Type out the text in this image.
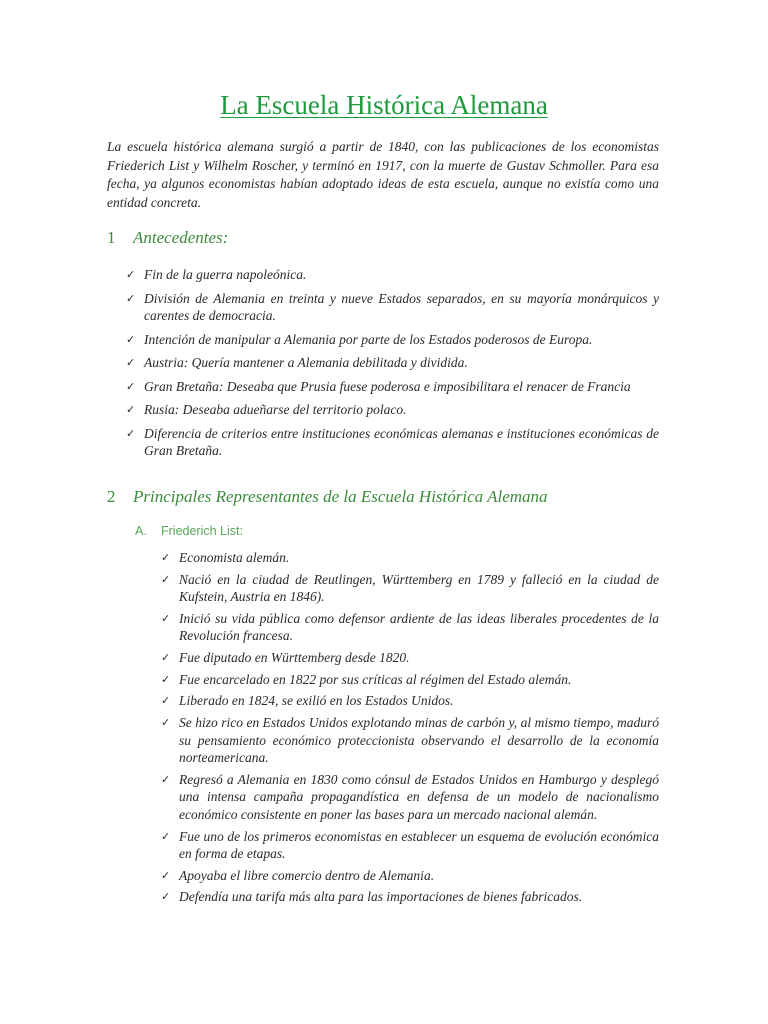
La Escuela Histórica Alemana
La escuela histórica alemana surgió a partir de 1840, con las publicaciones de los economistas Friederich List y Wilhelm Roscher, y terminó en 1917, con la muerte de Gustav Schmoller. Para esa fecha, ya algunos economistas habían adoptado ideas de esta escuela, aunque no existía como una entidad concreta.
1 Antecedentes:
✓ Fin de la guerra napoleónica.
✓ División de Alemania en treinta y nueve Estados separados, en su mayoría monárquicos y carentes de democracia.
✓ Intención de manipular a Alemania por parte de los Estados poderosos de Europa.
✓ Austria: Quería mantener a Alemania debilitada y dividida.
✓ Gran Bretaña: Deseaba que Prusia fuese poderosa e imposibilitara el renacer de Francia
✓ Rusia: Deseaba adueñarse del territorio polaco.
✓ Diferencia de criterios entre instituciones económicas alemanas e instituciones económicas de Gran Bretaña.
2 Principales Representantes de la Escuela Histórica Alemana
A. Friederich List:
✓ Economista alemán.
✓ Nació en la ciudad de Reutlingen, Württemberg en 1789 y falleció en la ciudad de Kufstein, Austria en 1846).
✓ Inició su vida pública como defensor ardiente de las ideas liberales procedentes de la Revolución francesa.
✓ Fue diputado en Württemberg desde 1820.
✓ Fue encarcelado en 1822 por sus críticas al régimen del Estado alemán.
✓ Liberado en 1824, se exilió en los Estados Unidos.
✓ Se hizo rico en Estados Unidos explotando minas de carbón y, al mismo tiempo, maduró su pensamiento económico proteccionista observando el desarrollo de la economía norteamericana.
✓ Regresó a Alemania en 1830 como cónsul de Estados Unidos en Hamburgo y desplegó una intensa campaña propagandística en defensa de un modelo de nacionalismo económico consistente en poner las bases para un mercado nacional alemán.
✓ Fue uno de los primeros economistas en establecer un esquema de evolución económica en forma de etapas.
✓ Apoyaba el libre comercio dentro de Alemania.
✓ Defendía una tarifa más alta para las importaciones de bienes fabricados.
